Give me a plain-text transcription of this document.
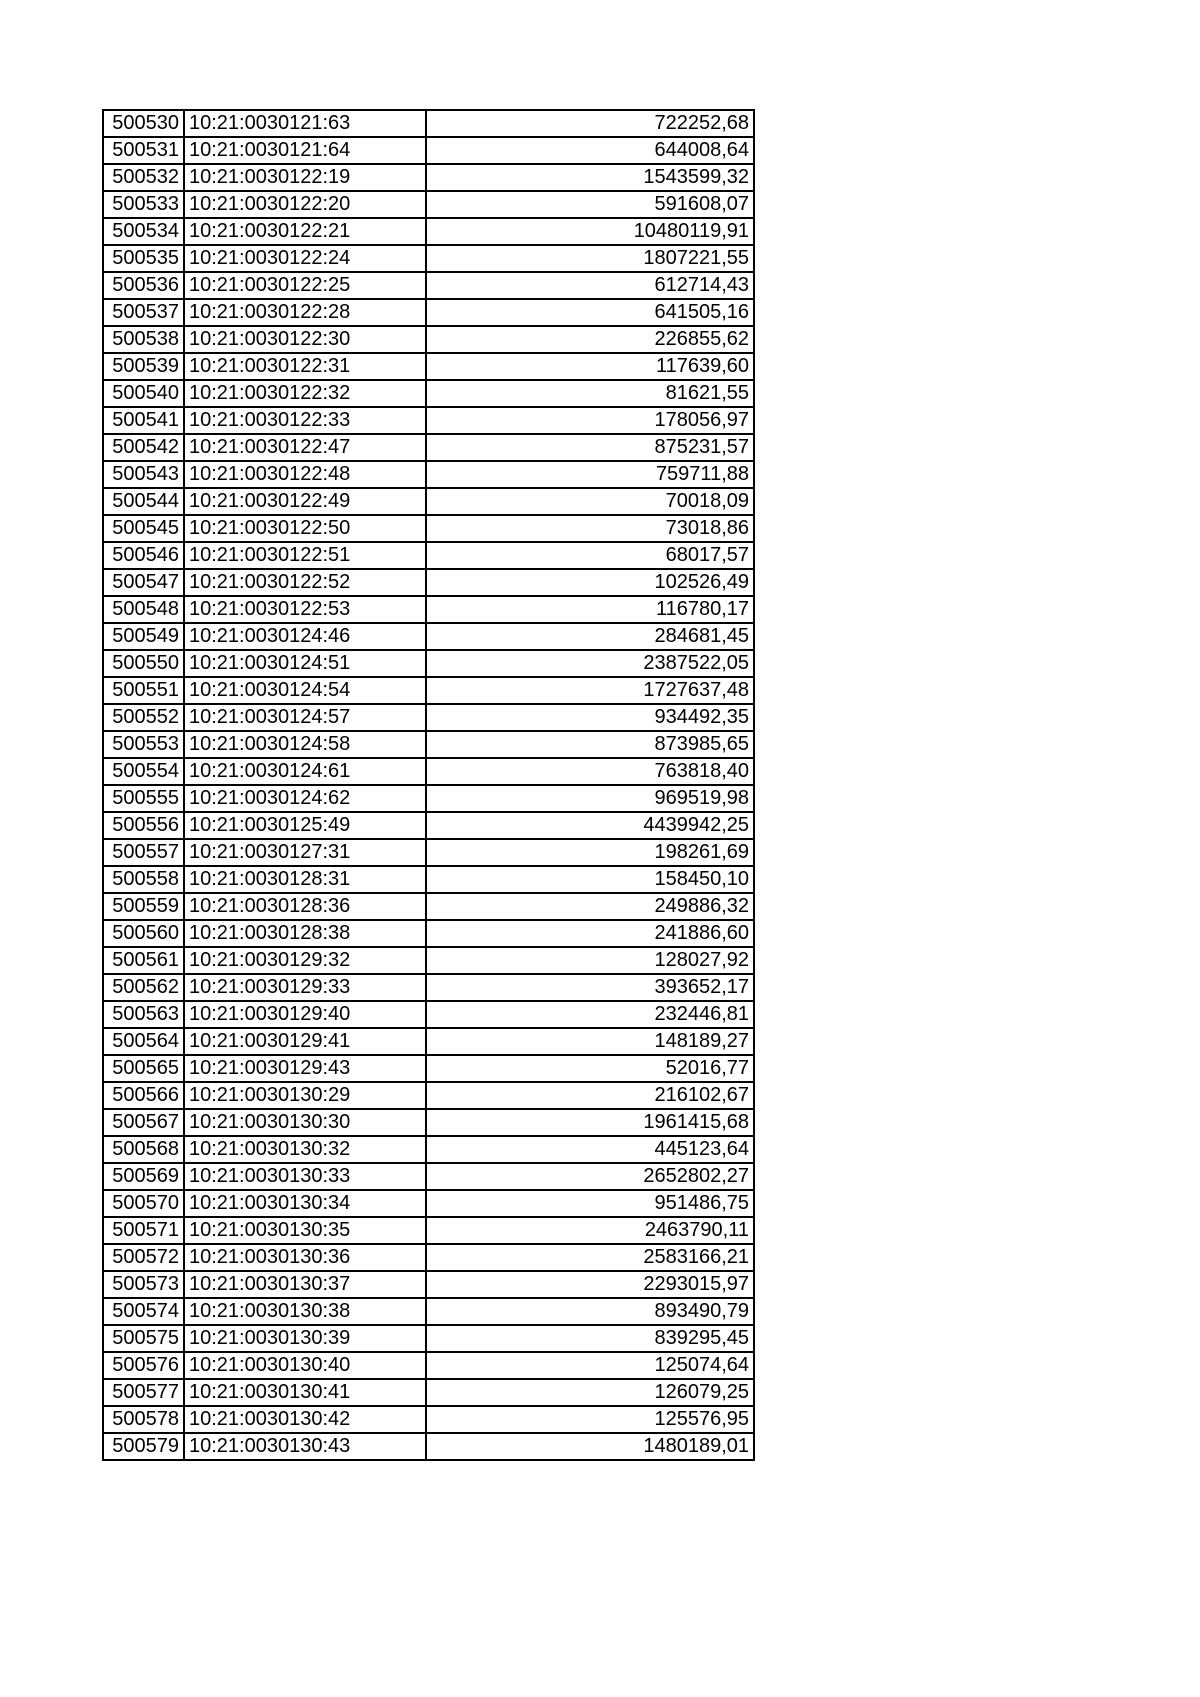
500530	10:21:0030121:63	722252,68
500531	10:21:0030121:64	644008,64
500532	10:21:0030122:19	1543599,32
500533	10:21:0030122:20	591608,07
500534	10:21:0030122:21	10480119,91
500535	10:21:0030122:24	1807221,55
500536	10:21:0030122:25	612714,43
500537	10:21:0030122:28	641505,16
500538	10:21:0030122:30	226855,62
500539	10:21:0030122:31	117639,60
500540	10:21:0030122:32	81621,55
500541	10:21:0030122:33	178056,97
500542	10:21:0030122:47	875231,57
500543	10:21:0030122:48	759711,88
500544	10:21:0030122:49	70018,09
500545	10:21:0030122:50	73018,86
500546	10:21:0030122:51	68017,57
500547	10:21:0030122:52	102526,49
500548	10:21:0030122:53	116780,17
500549	10:21:0030124:46	284681,45
500550	10:21:0030124:51	2387522,05
500551	10:21:0030124:54	1727637,48
500552	10:21:0030124:57	934492,35
500553	10:21:0030124:58	873985,65
500554	10:21:0030124:61	763818,40
500555	10:21:0030124:62	969519,98
500556	10:21:0030125:49	4439942,25
500557	10:21:0030127:31	198261,69
500558	10:21:0030128:31	158450,10
500559	10:21:0030128:36	249886,32
500560	10:21:0030128:38	241886,60
500561	10:21:0030129:32	128027,92
500562	10:21:0030129:33	393652,17
500563	10:21:0030129:40	232446,81
500564	10:21:0030129:41	148189,27
500565	10:21:0030129:43	52016,77
500566	10:21:0030130:29	216102,67
500567	10:21:0030130:30	1961415,68
500568	10:21:0030130:32	445123,64
500569	10:21:0030130:33	2652802,27
500570	10:21:0030130:34	951486,75
500571	10:21:0030130:35	2463790,11
500572	10:21:0030130:36	2583166,21
500573	10:21:0030130:37	2293015,97
500574	10:21:0030130:38	893490,79
500575	10:21:0030130:39	839295,45
500576	10:21:0030130:40	125074,64
500577	10:21:0030130:41	126079,25
500578	10:21:0030130:42	125576,95
500579	10:21:0030130:43	1480189,01
